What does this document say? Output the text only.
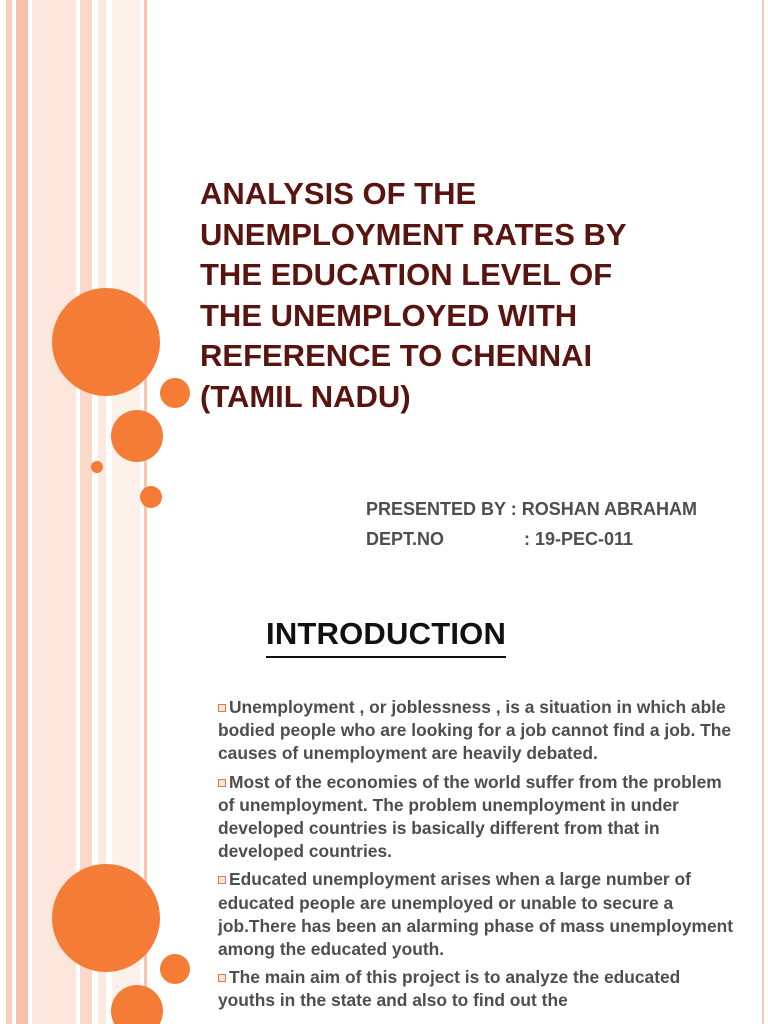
ANALYSIS OF THE
UNEMPLOYMENT RATES BY
THE EDUCATION LEVEL OF
THE UNEMPLOYED WITH
REFERENCE TO CHENNAI
(TAMIL NADU)
PRESENTED BY : ROSHAN ABRAHAM
DEPT.NO	: 19-PEC-011
INTRODUCTION
Unemployment , or joblessness , is a situation in which able bodied people who are looking for a job cannot find a job. The causes of unemployment are heavily debated.
Most of the economies of the world suffer from the problem of unemployment. The problem unemployment in under developed countries is basically different from that in developed countries.
Educated unemployment arises when a large number of educated people are unemployed or unable to secure a job.There has been an alarming phase of mass unemployment among the educated youth.
The main aim of this project is to analyze the educated youths in the state and also to find out the
